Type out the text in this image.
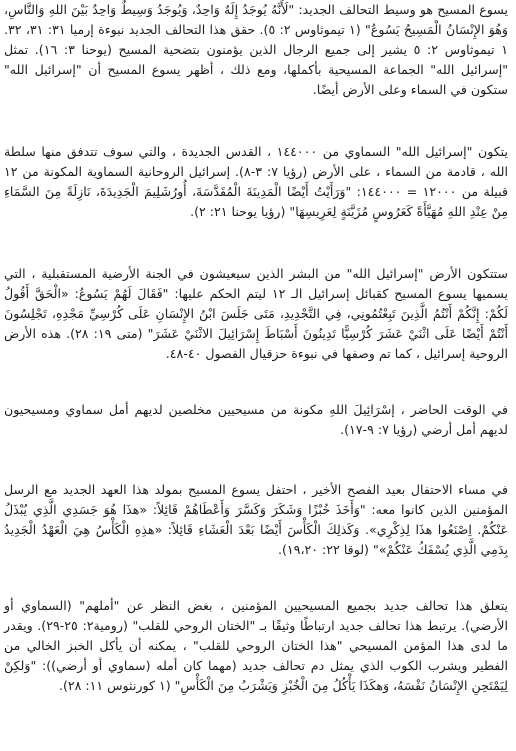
يسوع المسيح هو وسيط التحالف الجديد: "لَأَنَّهُ يُوجَدُ إِلَهٌ وَاحِدٌ، وَيُوجَدُ وَسِيطٌ وَاحِدٌ بَيْنَ اللهِ وَالنَّاسِ، وَهُوَ الإِنْسَانُ الْمَسِيحُ يَسُوعُ" (١ تيموثاوس ٢: ٥). حقق هذا التحالف الجديد نبوءة إرميا ٣١: ٣١، ٣٢. ١ تيموثاوس ٢: ٥ يشير إلى جميع الرجال الذين يؤمنون بتضحية المسيح (يوحنا ٣: ١٦). تمثل "إسرائيل الله" الجماعة المسيحية بأكملها، ومع ذلك ، أظهر يسوع المسيح أن "إسرائيل الله" ستكون في السماء وعلى الأرض أيضًا.

يتكون "إسرائيل الله" السماوي من ١٤٤٠٠٠ ، القدس الجديدة ، والتي سوف تتدفق منها سلطة الله ، قادمة من السماء ، على الأرض (رؤيا ٧: ٣-٨). إسرائيل الروحانية السماوية المكونة من ١٢ قبيلة من ١٢٠٠٠ = ١٤٤٠٠٠: "وَرَأَيْتُ أَيْضًا الْمَدِينَةَ الْمُقَدَّسَةَ، أُورُشَلِيمَ الْجَدِيدَةَ، نَازِلَةً مِنَ السَّمَاءِ مِنْ عِنْدِ اللهِ مُهَيَّأَةً كَعَرُوسٍ مُزَيَّنَةٍ لِعَرِيسِهَا" (رؤيا يوحنا ٢١: ٢).

ستتكون الأرض "إسرائيل الله" من البشر الذين سيعيشون في الجنة الأرضية المستقبلية ، التي يسميها يسوع المسيح كقبائل إسرائيل الـ ١٢ ليتم الحكم عليها: "فَقَالَ لَهُمْ يَسُوعُ: «الْحَقَّ أَقُولُ لَكُمْ: إِنَّكُمْ أَنْتُمُ الَّذِينَ تَبِعْتُمُونِي، فِي التَّجْدِيدِ، مَتَى جَلَسَ ابْنُ الإِنْسَانِ عَلَى كُرْسِيِّ مَجْدِهِ، تَجْلِسُونَ أَنْتُمْ أَيْضًا عَلَى اثْنَيْ عَشَرَ كُرْسِيًّا تَدِينُونَ أَسْبَاطَ إِسْرَائِيلَ الاثْنَيْ عَشَرَ" (متى ١٩: ٢٨). هذه الأرض الروحية إسرائيل ، كما تم وصفها في نبوءة حزقيال الفصول ٤٠-٤٨.

في الوقت الحاضر ، إسْرَائِيلَ اللهِ مكونة من مسيحيين مخلصين لديهم أمل سماوي ومسيحيون لديهم أمل أرضي (رؤيا ٧: ٩-١٧).

في مساء الاحتفال بعيد الفصح الأخير ، احتفل يسوع المسيح بمولد هذا العهد الجديد مع الرسل المؤمنين الذين كانوا معه: "وَأَخَذَ خُبْزًا وَشَكَرَ وَكَسَّرَ وَأَعْطَاهُمْ قَائِلاً: «هذَا هُوَ جَسَدِي الَّذِي يُبْذَلُ عَنْكُمْ. اِصْنَعُوا هذَا لِذِكْرِي». وَكَذلِكَ الْكَأْسَ أَيْضًا بَعْدَ الْعَشَاءِ قَائِلاً: «هذِهِ الْكَأْسُ هِيَ الْعَهْدُ الْجَدِيدُ بِدَمِي الَّذِي يُسْفَكُ عَنْكُمْ»" (لوقا ٢٢: ١٩،٢٠).

يتعلق هذا تحالف جديد بجميع المسيحيين المؤمنين ، بغض النظر عن "أملهم" (السماوي أو الأرضي). يرتبط هذا تحالف جديد ارتباطًا وثيقًا بـ "الختان الروحي للقلب" (رومية٢: ٢٥-٢٩). ويقدر ما لدى هذا المؤمن المسيحي "هذا الختان الروحي للقلب" ، يمكنه أن يأكل الخبز الخالي من الفطير ويشرب الكوب الذي يمثل دم تحالف جديد (مهما كان أمله (سماوي أو أرضي)): "وَلكِنْ لِيَمْتَحِنِ الإِنْسَانُ نَفْسَهُ، وَهكَذَا يَأْكُلُ مِنَ الْخُبْزِ وَيَشْرَبُ مِنَ الْكَأْسِ" (١ كورنثوس ١١: ٢٨).
